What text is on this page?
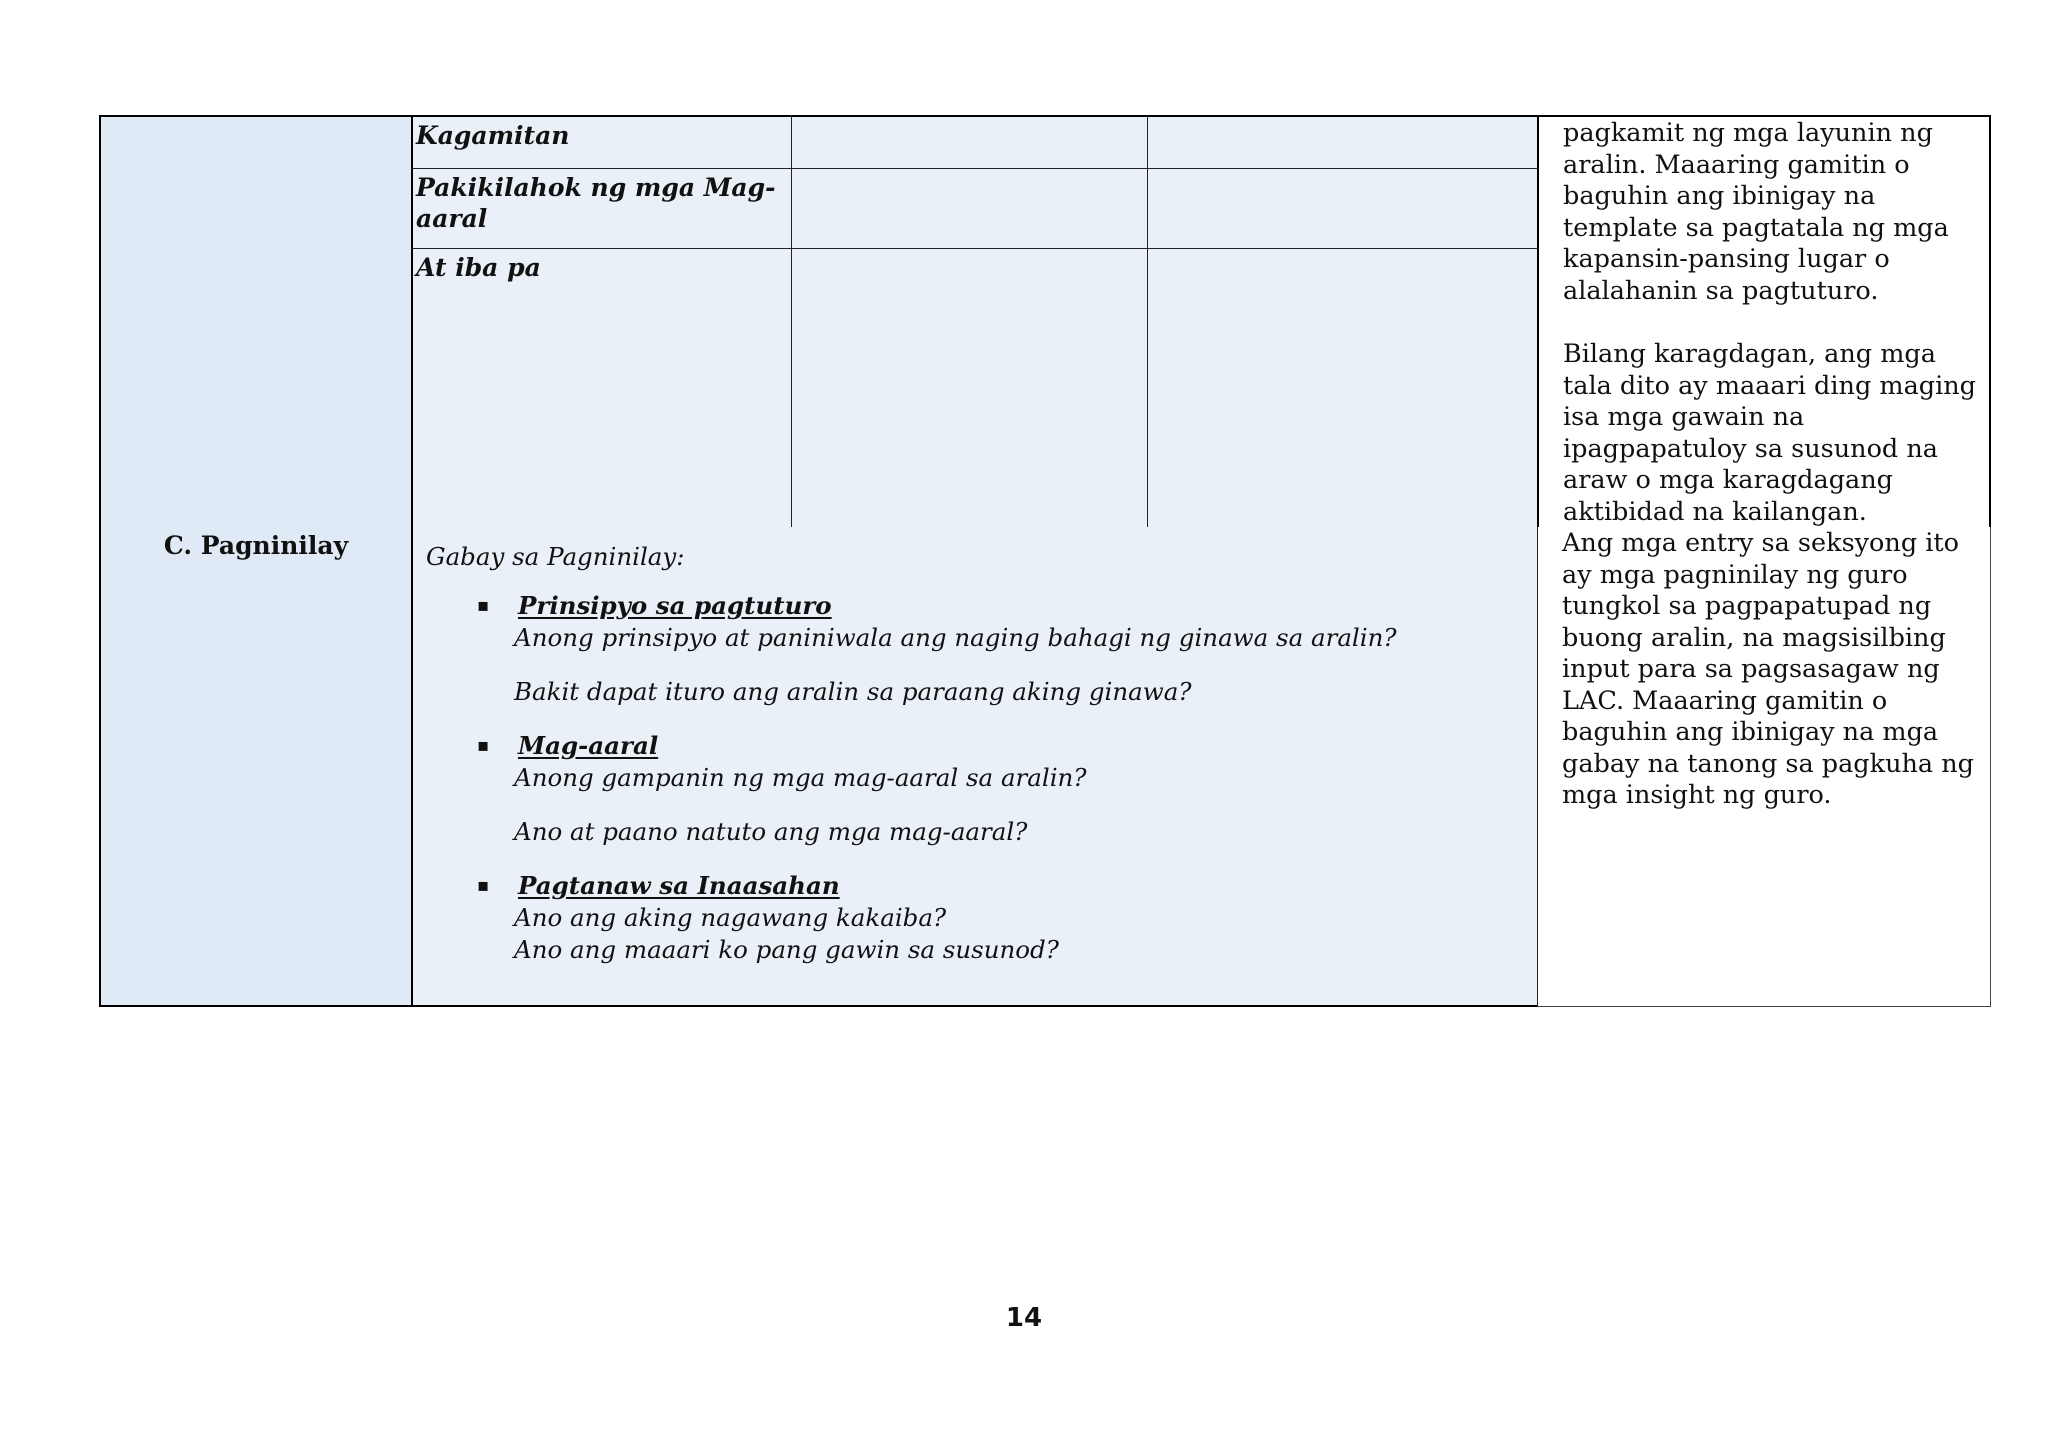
Kagamitan
Pakikilahok ng mga Mag-aaral
At iba pa

pagkamit ng mga layunin ng aralin. Maaaring gamitin o baguhin ang ibinigay na template sa pagtatala ng mga kapansin-pansing lugar o alalahanin sa pagtuturo.

Bilang karagdagan, ang mga tala dito ay maaari ding maging isa mga gawain na ipagpapatuloy sa susunod na araw o mga karagdagang aktibidad na kailangan.

C. Pagninilay	Gabay sa Pagninilay:
▪ Prinsipyo sa pagtuturo
Anong prinsipyo at paniniwala ang naging bahagi ng ginawa sa aralin?
Bakit dapat ituro ang aralin sa paraang aking ginawa?
▪ Mag-aaral
Anong gampanin ng mga mag-aaral sa aralin?
Ano at paano natuto ang mga mag-aaral?
▪ Pagtanaw sa Inaasahan
Ano ang aking nagawang kakaiba?
Ano ang maaari ko pang gawin sa susunod?

Ang mga entry sa seksyong ito ay mga pagninilay ng guro tungkol sa pagpapatupad ng buong aralin, na magsisilbing input para sa pagsasagaw ng LAC. Maaaring gamitin o baguhin ang ibinigay na mga gabay na tanong sa pagkuha ng mga insight ng guro.

14
